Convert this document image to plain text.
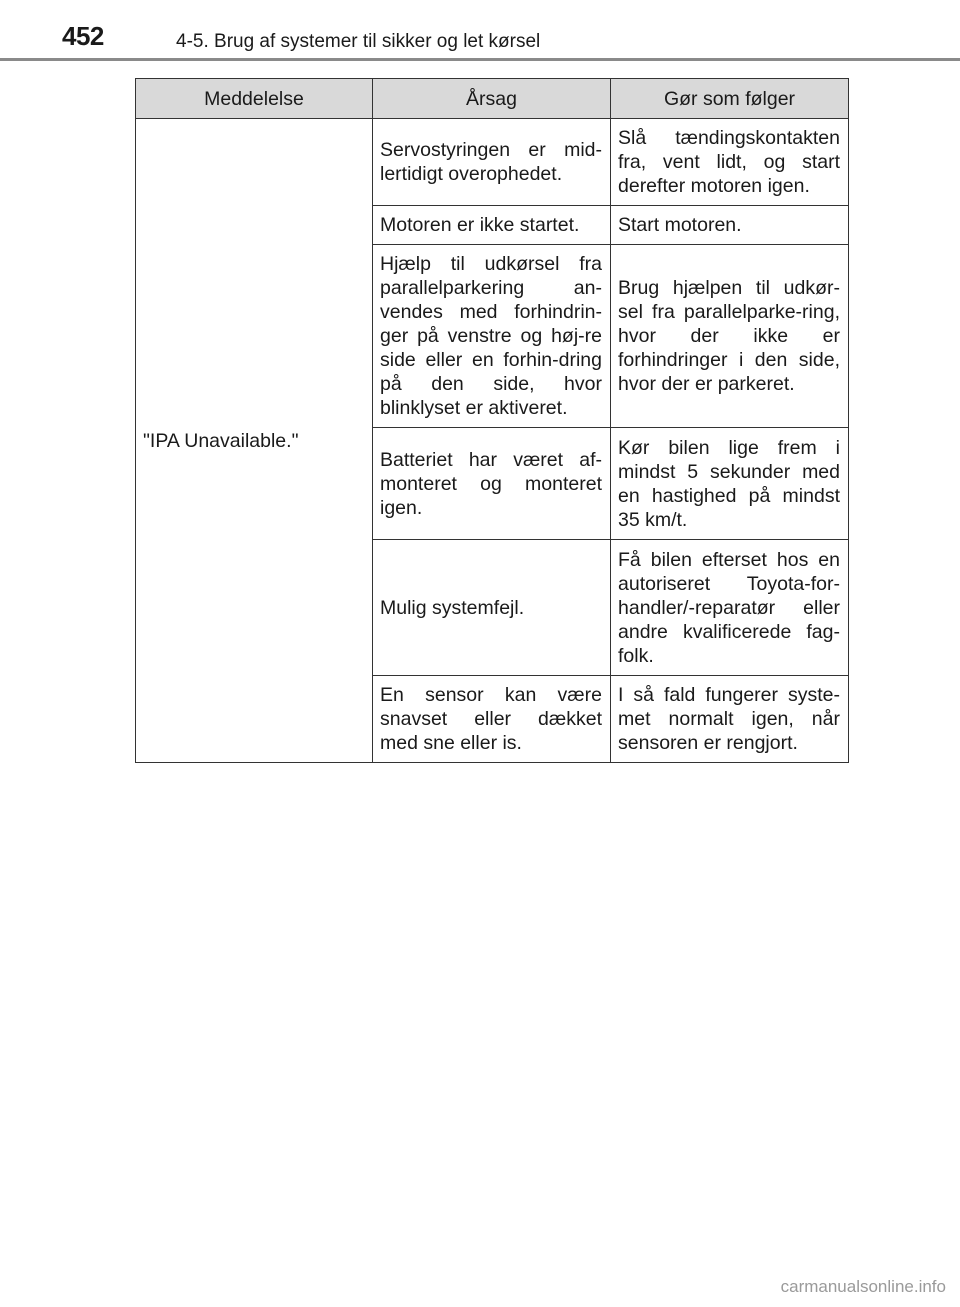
452	4-5. Brug af systemer til sikker og let kørsel
Meddelelse	Årsag	Gør som følger
"IPA Unavailable."	Servostyringen er mid-lertidigt overophedet.	Slå tændingskontakten fra, vent lidt, og start derefter motoren igen.

	Motoren er ikke startet.	Start motoren.

	Hjælp til udkørsel fra parallelparkering an-vendes med forhindrin-ger på venstre og høj-re side eller en forhin-dring på den side, hvor blinklyset er aktiveret.	Brug hjælpen til udkør-sel fra parallelparke-ring, hvor der ikke er forhindringer i den side, hvor der er parkeret.

	Batteriet har været af-monteret og monteret igen.	Kør bilen lige frem i mindst 5 sekunder med en hastighed på mindst 35 km/t.

	Mulig systemfejl.	Få bilen efterset hos en autoriseret Toyota-for-handler/-reparatør eller andre kvalificerede fag-folk.

	En sensor kan være snavset eller dækket med sne eller is.	I så fald fungerer syste-met normalt igen, når sensoren er rengjort.
carmanualsonline.info
